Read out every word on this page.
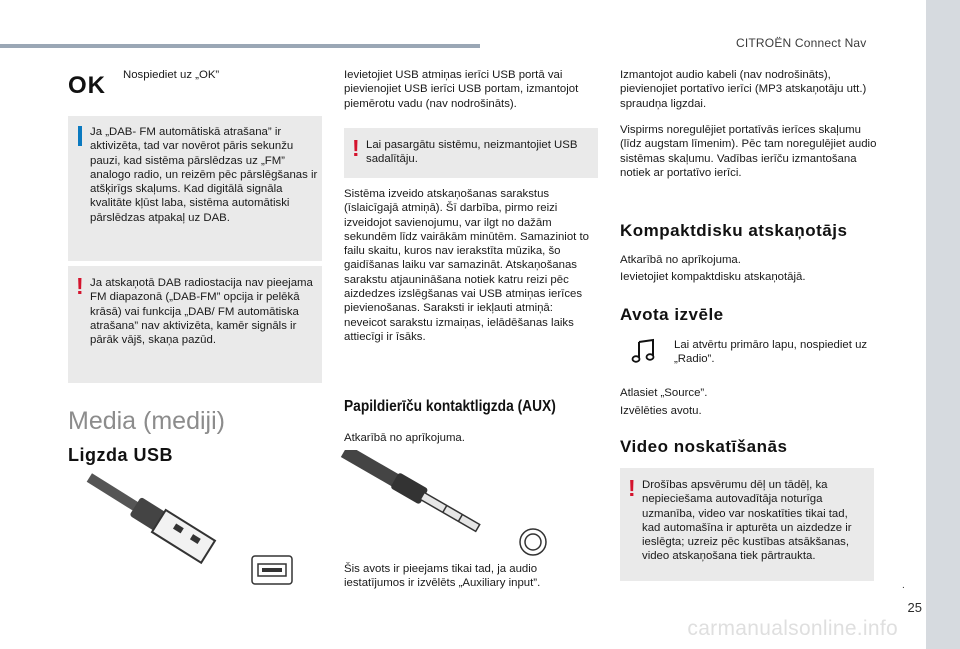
CITROËN Connect Nav
OK Nospiediet uz „OK”
Ja „DAB- FM automātiskā atrašana” ir aktivizēta, tad var novērot pāris sekunžu pauzi, kad sistēma pārslēdzas uz „FM” analogo radio, un reizēm pēc pārslēgšanas ir atšķirīgs skaļums. Kad digitālā signāla kvalitāte kļūst laba, sistēma automātiski pārslēdzas atpakaļ uz DAB.
! Ja atskaņotā DAB radiostacija nav pieejama FM diapazonā („DAB-FM” opcija ir pelēkā krāsā) vai funkcija „DAB/ FM automātiska atrašana” nav aktivizēta, kamēr signāls ir pārāk vājš, skaņa pazūd.
Media (mediji)
Ligzda USB
Ievietojiet USB atmiņas ierīci USB portā vai pievienojiet USB ierīci USB portam, izmantojot piemērotu vadu (nav nodrošināts).
! Lai pasargātu sistēmu, neizmantojiet USB sadalītāju.
Sistēma izveido atskaņošanas sarakstus (īslaicīgajā atmiņā). Šī darbība, pirmo reizi izveidojot savienojumu, var ilgt no dažām sekundēm līdz vairākām minūtēm. Samaziniot to failu skaitu, kuros nav ierakstīta mūzika, šo gaidīšanas laiku var samazināt. Atskaņošanas sarakstu atjaunināšana notiek katru reizi pēc aizdedzes izslēgšanas vai USB atmiņas ierīces pievienošanas. Saraksti ir iekļauti atmiņā: neveicot sarakstu izmaiņas, ielādēšanas laiks attiecīgi ir īsāks.
Papildierīču kontaktligzda (AUX)
Atkarībā no aprīkojuma.
Šis avots ir pieejams tikai tad, ja audio iestatījumos ir izvēlēts „Auxiliary input”.
Izmantojot audio kabeli (nav nodrošināts), pievienojiet portatīvo ierīci (MP3 atskaņotāju utt.) spraudņa ligzdai.
Vispirms noregulējiet portatīvās ierīces skaļumu (līdz augstam līmenim). Pēc tam noregulējiet audio sistēmas skaļumu. Vadības ierīču izmantošana notiek ar portatīvo ierīci.
Kompaktdisku atskaņotājs
Atkarībā no aprīkojuma.
Ievietojiet kompaktdisku atskaņotājā.
Avota izvēle
Lai atvērtu primāro lapu, nospiediet uz „Radio”.
Atlasiet „Source”.
Izvēlēties avotu.
Video noskatīšanās
! Drošības apsvērumu dēļ un tādēļ, ka nepieciešama autovadītāja noturīga uzmanība, video var noskatīties tikai tad, kad automašīna ir apturēta un aizdedze ir ieslēgta; uzreiz pēc kustības atsākšanas, video atskaņošana tiek pārtraukta.
.
25
carmanualsonline.info
